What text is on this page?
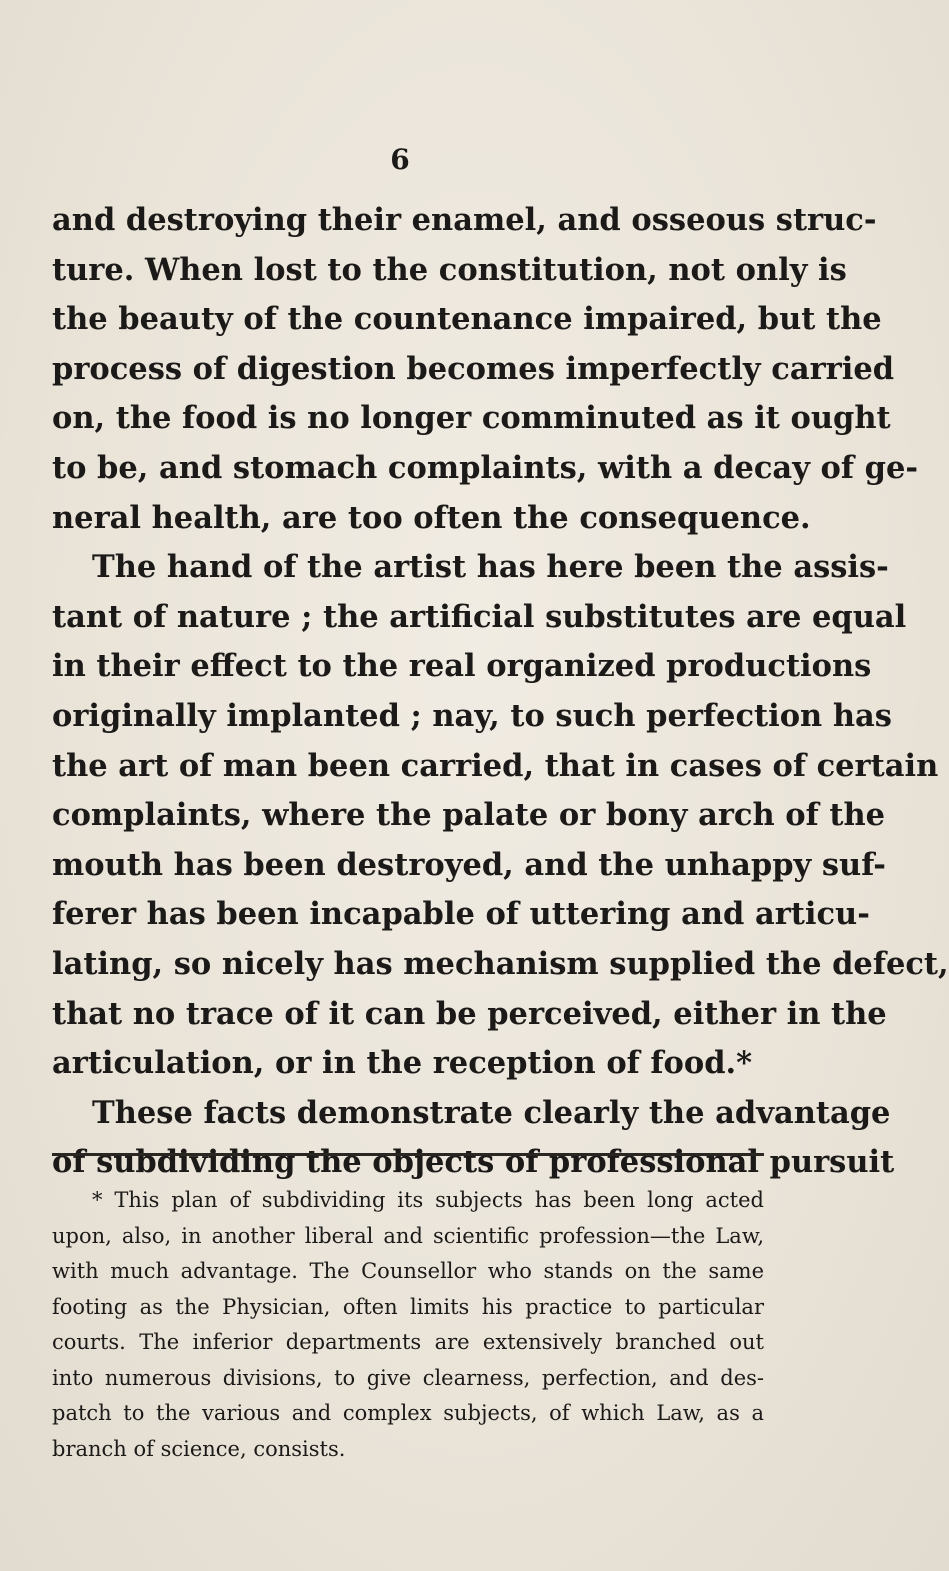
6
and destroying their enamel, and osseous struc-
ture. When lost to the constitution, not only is
the beauty of the countenance impaired, but the
process of digestion becomes imperfectly carried
on, the food is no longer comminuted as it ought
to be, and stomach complaints, with a decay of ge-
neral health, are too often the consequence.
The hand of the artist has here been the assis-
tant of nature ; the artificial substitutes are equal
in their effect to the real organized productions
originally implanted ; nay, to such perfection has
the art of man been carried, that in cases of certain
complaints, where the palate or bony arch of the
mouth has been destroyed, and the unhappy suf-
ferer has been incapable of uttering and articu-
lating, so nicely has mechanism supplied the defect,
that no trace of it can be perceived, either in the
articulation, or in the reception of food.*
These facts demonstrate clearly the advantage
of subdividing the objects of professional pursuit
* This plan of subdividing its subjects has been long acted
upon, also, in another liberal and scientific profession—the Law,
with much advantage. The Counsellor who stands on the same
footing as the Physician, often limits his practice to particular
courts. The inferior departments are extensively branched out
into numerous divisions, to give clearness, perfection, and des-
patch to the various and complex subjects, of which Law, as a
branch of science, consists.
